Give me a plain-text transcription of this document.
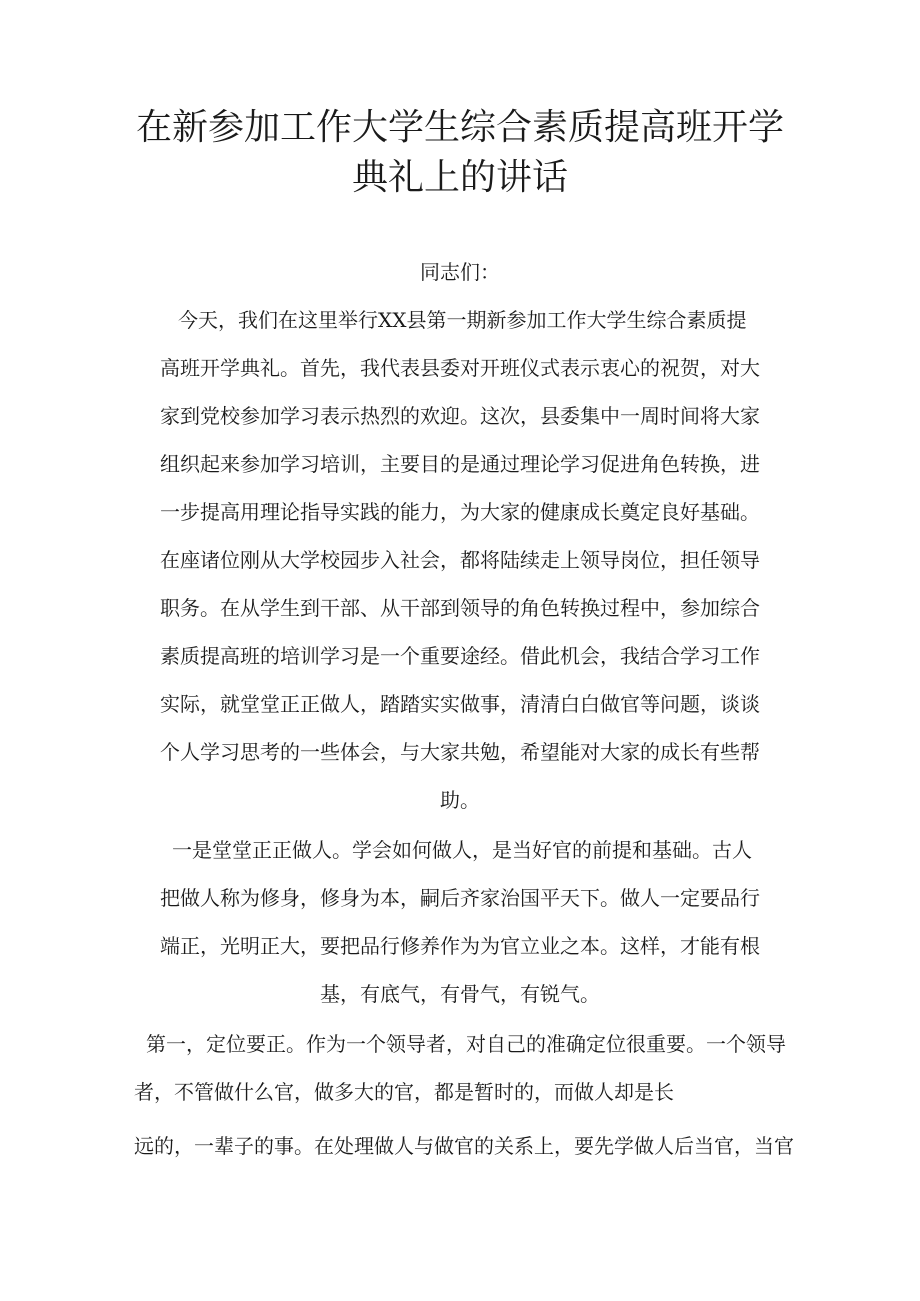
在新参加工作大学生综合素质提高班开学
典礼上的讲话
同志们：
今天，我们在这里举行XX县第一期新参加工作大学生综合素质提
高班开学典礼。首先，我代表县委对开班仪式表示衷心的祝贺，对大
家到党校参加学习表示热烈的欢迎。这次，县委集中一周时间将大家
组织起来参加学习培训，主要目的是通过理论学习促进角色转换，进
一步提高用理论指导实践的能力，为大家的健康成长奠定良好基础。
在座诸位刚从大学校园步入社会，都将陆续走上领导岗位，担任领导
职务。在从学生到干部、从干部到领导的角色转换过程中，参加综合
素质提高班的培训学习是一个重要途经。借此机会，我结合学习工作
实际，就堂堂正正做人，踏踏实实做事，清清白白做官等问题，谈谈
个人学习思考的一些体会，与大家共勉，希望能对大家的成长有些帮
助。
一是堂堂正正做人。学会如何做人，是当好官的前提和基础。古人
把做人称为修身，修身为本，嗣后齐家治国平天下。做人一定要品行
端正，光明正大，要把品行修养作为为官立业之本。这样，才能有根
基，有底气，有骨气，有锐气。
第一，定位要正。作为一个领导者，对自己的准确定位很重要。一个领导
者，不管做什么官，做多大的官，都是暂时的，而做人却是长
远的，一辈子的事。在处理做人与做官的关系上，要先学做人后当官，当官
